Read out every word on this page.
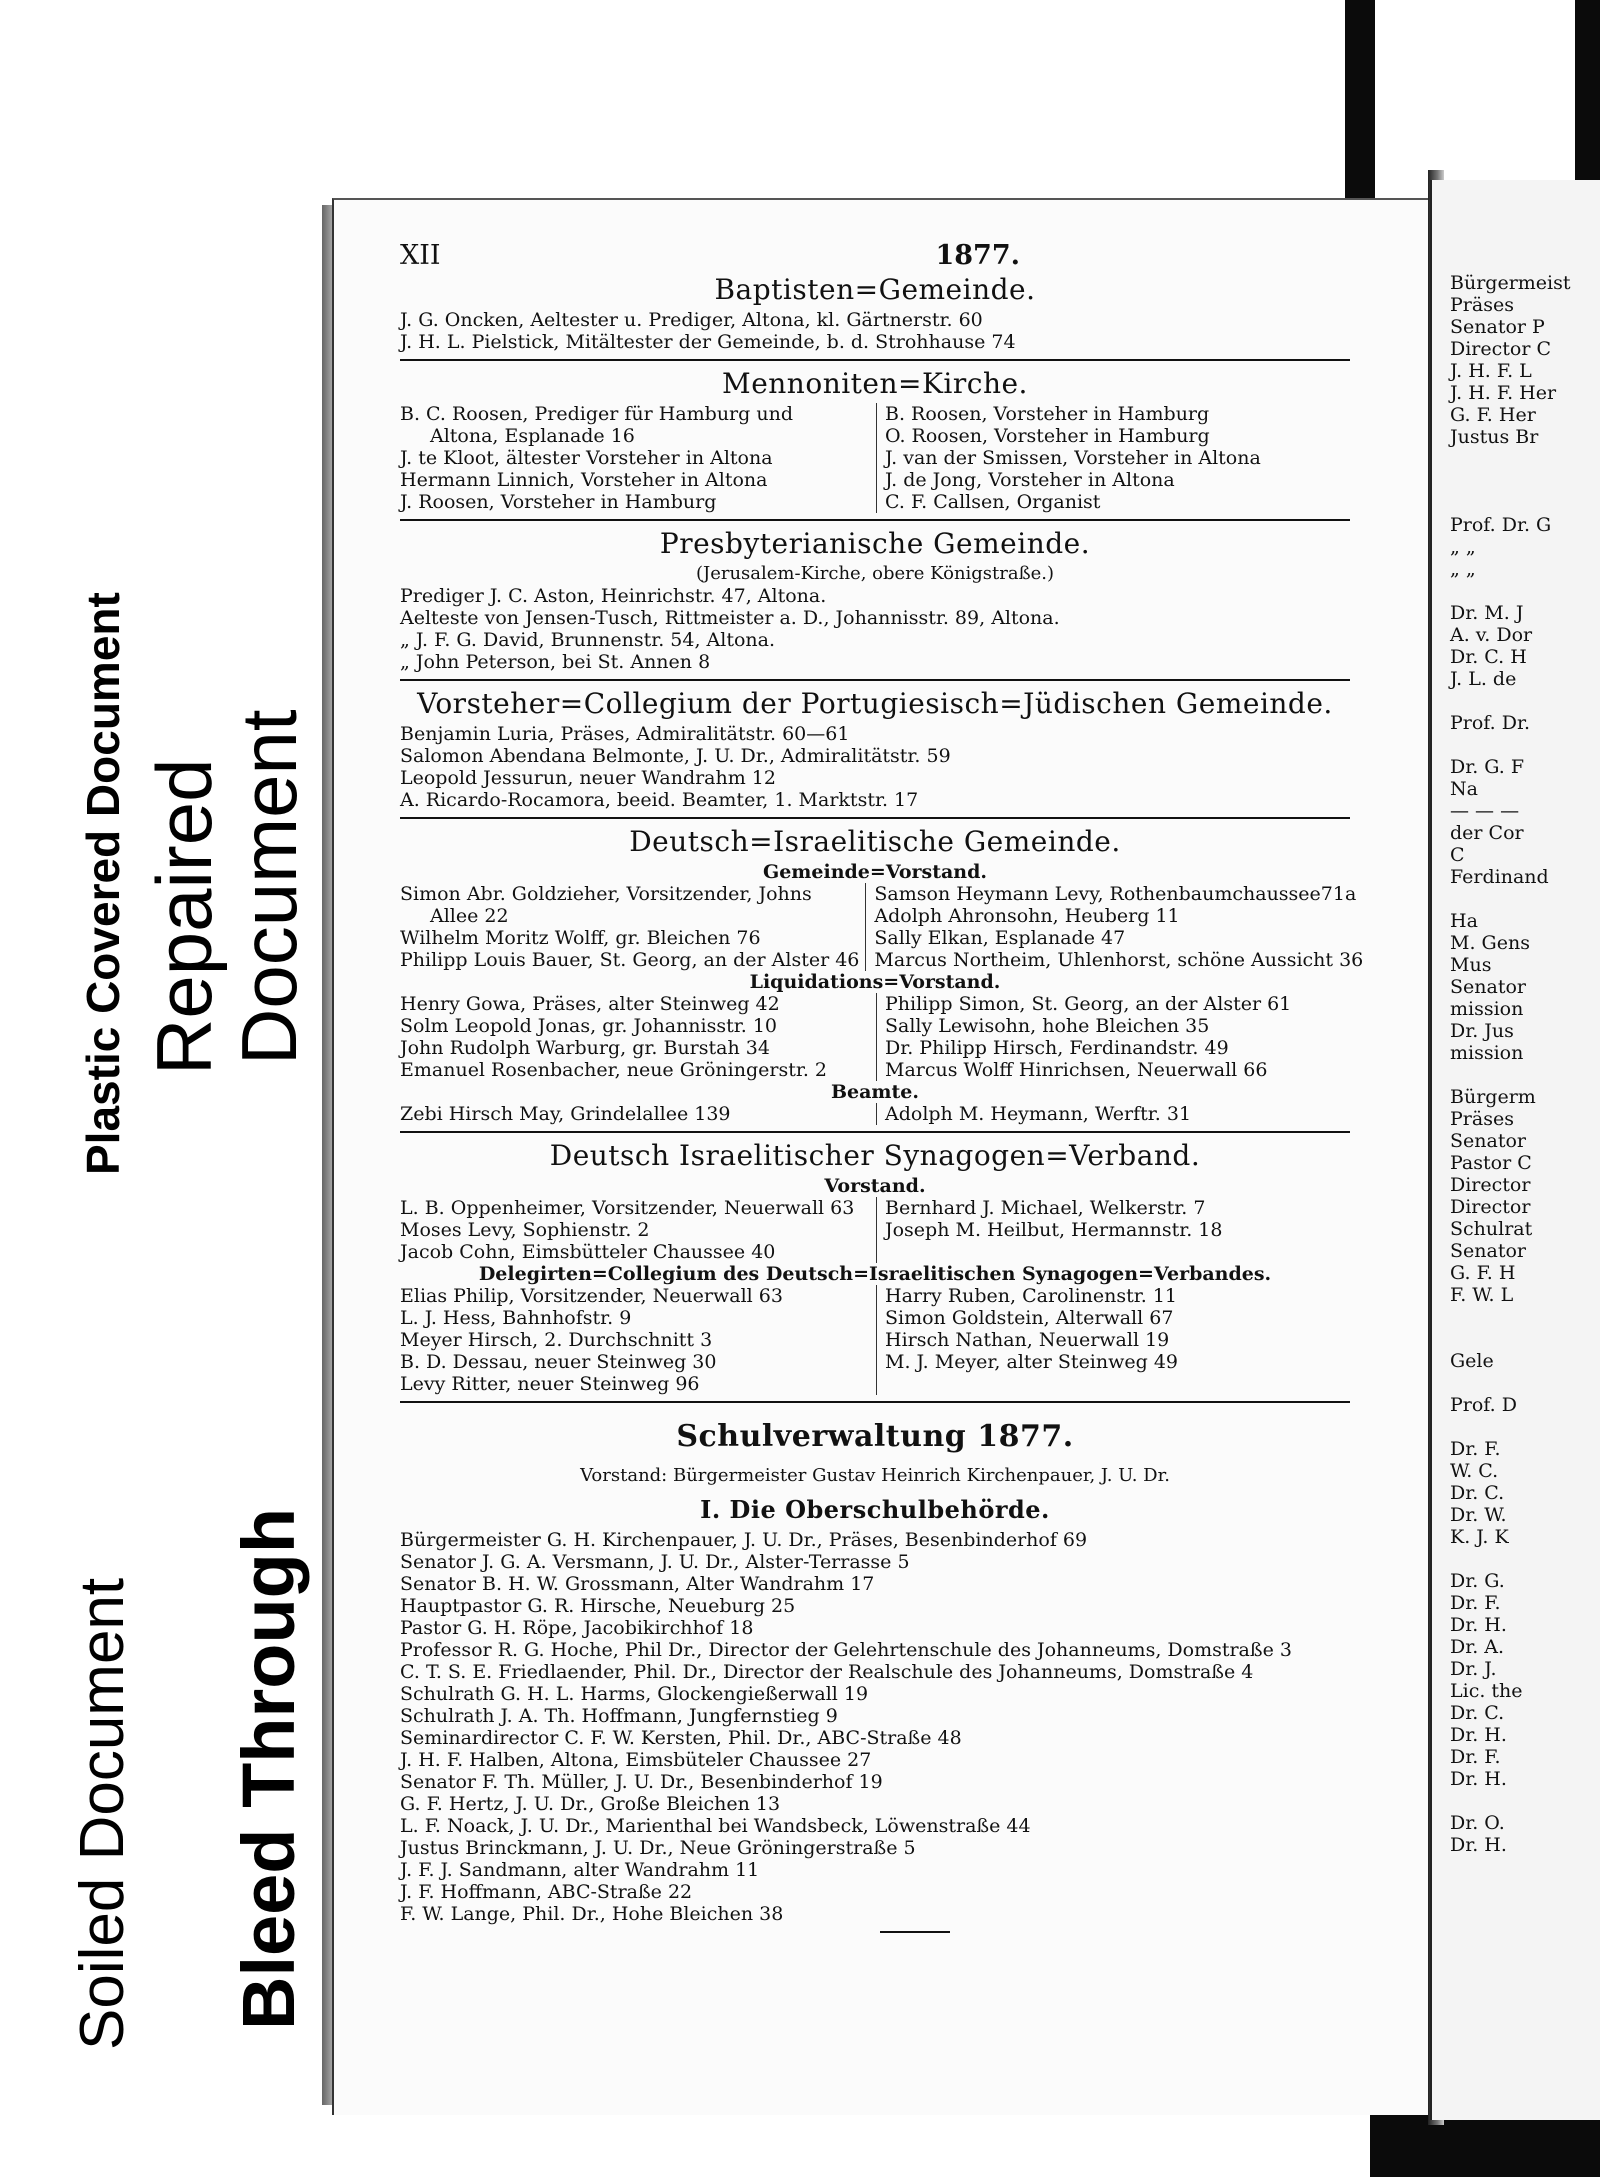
Plastic Covered Document Repaired
Document
Soiled Document Bleed Through
Bürgermeist
Präses
Senator P
Director C
J. H. F. L
J. H. F. Her
G. F. Her
Justus Br

Prof. Dr. G
„ „
„ „

Dr. M. J
A. v. Dor
Dr. C. H
J. L. de

Prof. Dr.

Dr. G. F
Na
— — —
der Cor
C
Ferdinand

Ha
M. Gens
Mus
Senator
mission
Dr. Jus
mission

Bürgerm
Präses
Senator
Pastor C
Director
Director
Schulrat
Senator
G. F. H
F. W. L

Gele

Prof. D

Dr. F.
W. C.
Dr. C.
Dr. W.
K. J. K

Dr. G.
Dr. F.
Dr. H.
Dr. A.
Dr. J.
Lic. the
Dr. C.
Dr. H.
Dr. F.
Dr. H.

Dr. O.
Dr. H.
XII	1877.
Baptisten=Gemeinde.
J. G. Oncken, Aeltester u. Prediger, Altona, kl. Gärtnerstr. 60
J. H. L. Pielstick, Mitältester der Gemeinde, b. d. Strohhause 74
Mennoniten=Kirche.
B. C. Roosen, Prediger für Hamburg und
Altona, Esplanade 16
J. te Kloot, ältester Vorsteher in Altona
Hermann Linnich, Vorsteher in Altona
J. Roosen, Vorsteher in Hamburg
B. Roosen, Vorsteher in Hamburg
O. Roosen, Vorsteher in Hamburg
J. van der Smissen, Vorsteher in Altona
J. de Jong, Vorsteher in Altona
C. F. Callsen, Organist
Presbyterianische Gemeinde.
(Jerusalem-Kirche, obere Königstraße.)
Prediger J. C. Aston, Heinrichstr. 47, Altona.
Aelteste von Jensen-Tusch, Rittmeister a. D., Johannisstr. 89, Altona.
„ J. F. G. David, Brunnenstr. 54, Altona.
„ John Peterson, bei St. Annen 8
Vorsteher=Collegium der Portugiesisch=Jüdischen Gemeinde.
Benjamin Luria, Präses, Admiralitätstr. 60—61
Salomon Abendana Belmonte, J. U. Dr., Admiralitätstr. 59
Leopold Jessurun, neuer Wandrahm 12
A. Ricardo-Rocamora, beeid. Beamter, 1. Marktstr. 17
Deutsch=Israelitische Gemeinde.
Gemeinde=Vorstand.
Simon Abr. Goldzieher, Vorsitzender, Johns
Allee 22
Wilhelm Moritz Wolff, gr. Bleichen 76
Philipp Louis Bauer, St. Georg, an der Alster 46
Samson Heymann Levy, Rothenbaumchaussee71a
Adolph Ahronsohn, Heuberg 11
Sally Elkan, Esplanade 47
Marcus Northeim, Uhlenhorst, schöne Aussicht 36
Liquidations=Vorstand.
Henry Gowa, Präses, alter Steinweg 42
Solm Leopold Jonas, gr. Johannisstr. 10
John Rudolph Warburg, gr. Burstah 34
Emanuel Rosenbacher, neue Gröningerstr. 2
Philipp Simon, St. Georg, an der Alster 61
Sally Lewisohn, hohe Bleichen 35
Dr. Philipp Hirsch, Ferdinandstr. 49
Marcus Wolff Hinrichsen, Neuerwall 66
Beamte.
Zebi Hirsch May, Grindelallee 139	Adolph M. Heymann, Werftr. 31
Deutsch Israelitischer Synagogen=Verband.
Vorstand.
L. B. Oppenheimer, Vorsitzender, Neuerwall 63
Moses Levy, Sophienstr. 2
Jacob Cohn, Eimsbütteler Chaussee 40
Bernhard J. Michael, Welkerstr. 7
Joseph M. Heilbut, Hermannstr. 18
Delegirten=Collegium des Deutsch=Israelitischen Synagogen=Verbandes.
Elias Philip, Vorsitzender, Neuerwall 63
L. J. Hess, Bahnhofstr. 9
Meyer Hirsch, 2. Durchschnitt 3
B. D. Dessau, neuer Steinweg 30
Levy Ritter, neuer Steinweg 96
Harry Ruben, Carolinenstr. 11
Simon Goldstein, Alterwall 67
Hirsch Nathan, Neuerwall 19
M. J. Meyer, alter Steinweg 49
Schulverwaltung 1877.
Vorstand: Bürgermeister Gustav Heinrich Kirchenpauer, J. U. Dr.
I. Die Oberschulbehörde.
Bürgermeister G. H. Kirchenpauer, J. U. Dr., Präses, Besenbinderhof 69
Senator J. G. A. Versmann, J. U. Dr., Alster-Terrasse 5
Senator B. H. W. Grossmann, Alter Wandrahm 17
Hauptpastor G. R. Hirsche, Neueburg 25
Pastor G. H. Röpe, Jacobikirchhof 18
Professor R. G. Hoche, Phil Dr., Director der Gelehrtenschule des Johanneums, Domstraße 3
C. T. S. E. Friedlaender, Phil. Dr., Director der Realschule des Johanneums, Domstraße 4
Schulrath G. H. L. Harms, Glockengießerwall 19
Schulrath J. A. Th. Hoffmann, Jungfernstieg 9
Seminardirector C. F. W. Kersten, Phil. Dr., ABC-Straße 48
J. H. F. Halben, Altona, Eimsbüteler Chaussee 27
Senator F. Th. Müller, J. U. Dr., Besenbinderhof 19
G. F. Hertz, J. U. Dr., Große Bleichen 13
L. F. Noack, J. U. Dr., Marienthal bei Wandsbeck, Löwenstraße 44
Justus Brinckmann, J. U. Dr., Neue Gröningerstraße 5
J. F. J. Sandmann, alter Wandrahm 11
J. F. Hoffmann, ABC-Straße 22
F. W. Lange, Phil. Dr., Hohe Bleichen 38
